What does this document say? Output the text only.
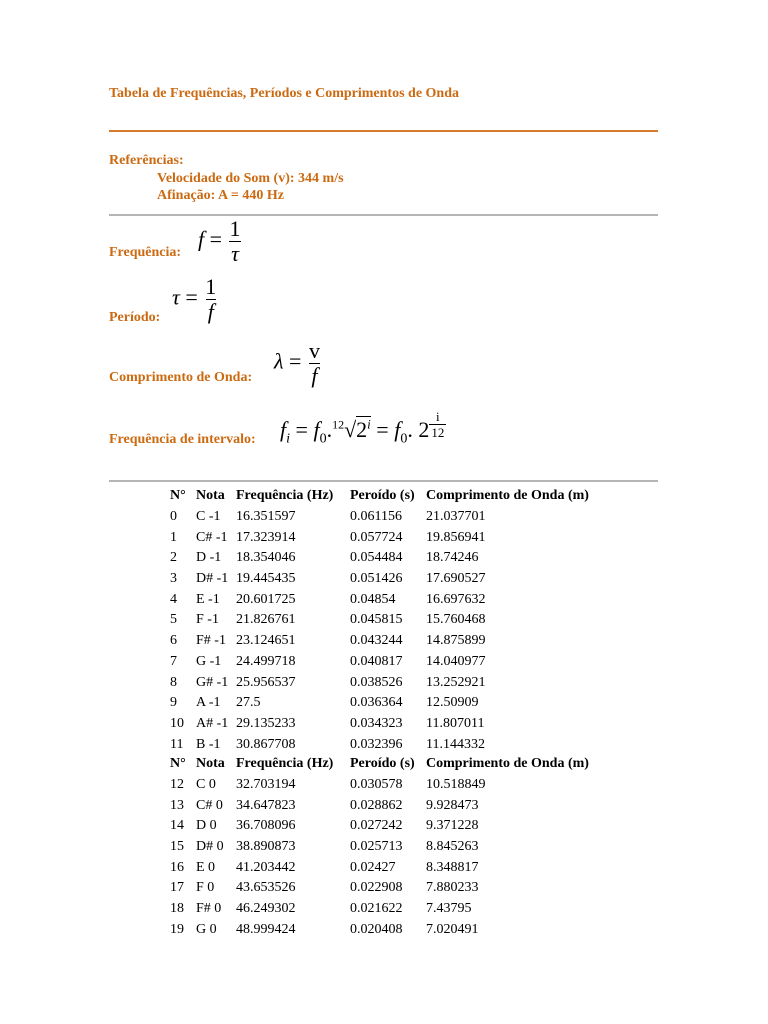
Tabela de Frequências, Períodos e Comprimentos de Onda
Referências:
Velocidade do Som (v): 344 m/s
Afinação: A = 440 Hz
Frequência:
$f = \frac{1}{\tau}$
Período:
$\tau = \frac{1}{f}$
Comprimento de Onda:
$\lambda = \frac{v}{f}$
Frequência de intervalo: $f_i = f_0.^{12}√2^i = f_0$. 2 $^{\frac{i}{12}}$
N°	Nota	Frequência (Hz)	Peroído (s)	Comprimento de Onda (m)
0	C -1	16.351597	0.061156	21.037701
1	C# -1	17.323914	0.057724	19.856941
2	D -1	18.354046	0.054484	18.74246
3	D# -1	19.445435	0.051426	17.690527
4	E -1	20.601725	0.04854	16.697632
5	F -1	21.826761	0.045815	15.760468
6	F# -1	23.124651	0.043244	14.875899
7	G -1	24.499718	0.040817	14.040977
8	G# -1	25.956537	0.038526	13.252921
9	A -1	27.5	0.036364	12.50909
10	A# -1	29.135233	0.034323	11.807011
11	B -1	30.867708	0.032396	11.144332
N°	Nota	Frequência (Hz)	Peroído (s)	Comprimento de Onda (m)
12	C 0	32.703194	0.030578	10.518849
13	C# 0	34.647823	0.028862	9.928473
14	D 0	36.708096	0.027242	9.371228
15	D# 0	38.890873	0.025713	8.845263
16	E 0	41.203442	0.02427	8.348817
17	F 0	43.653526	0.022908	7.880233
18	F# 0	46.249302	0.021622	7.43795
19	G 0	48.999424	0.020408	7.020491
